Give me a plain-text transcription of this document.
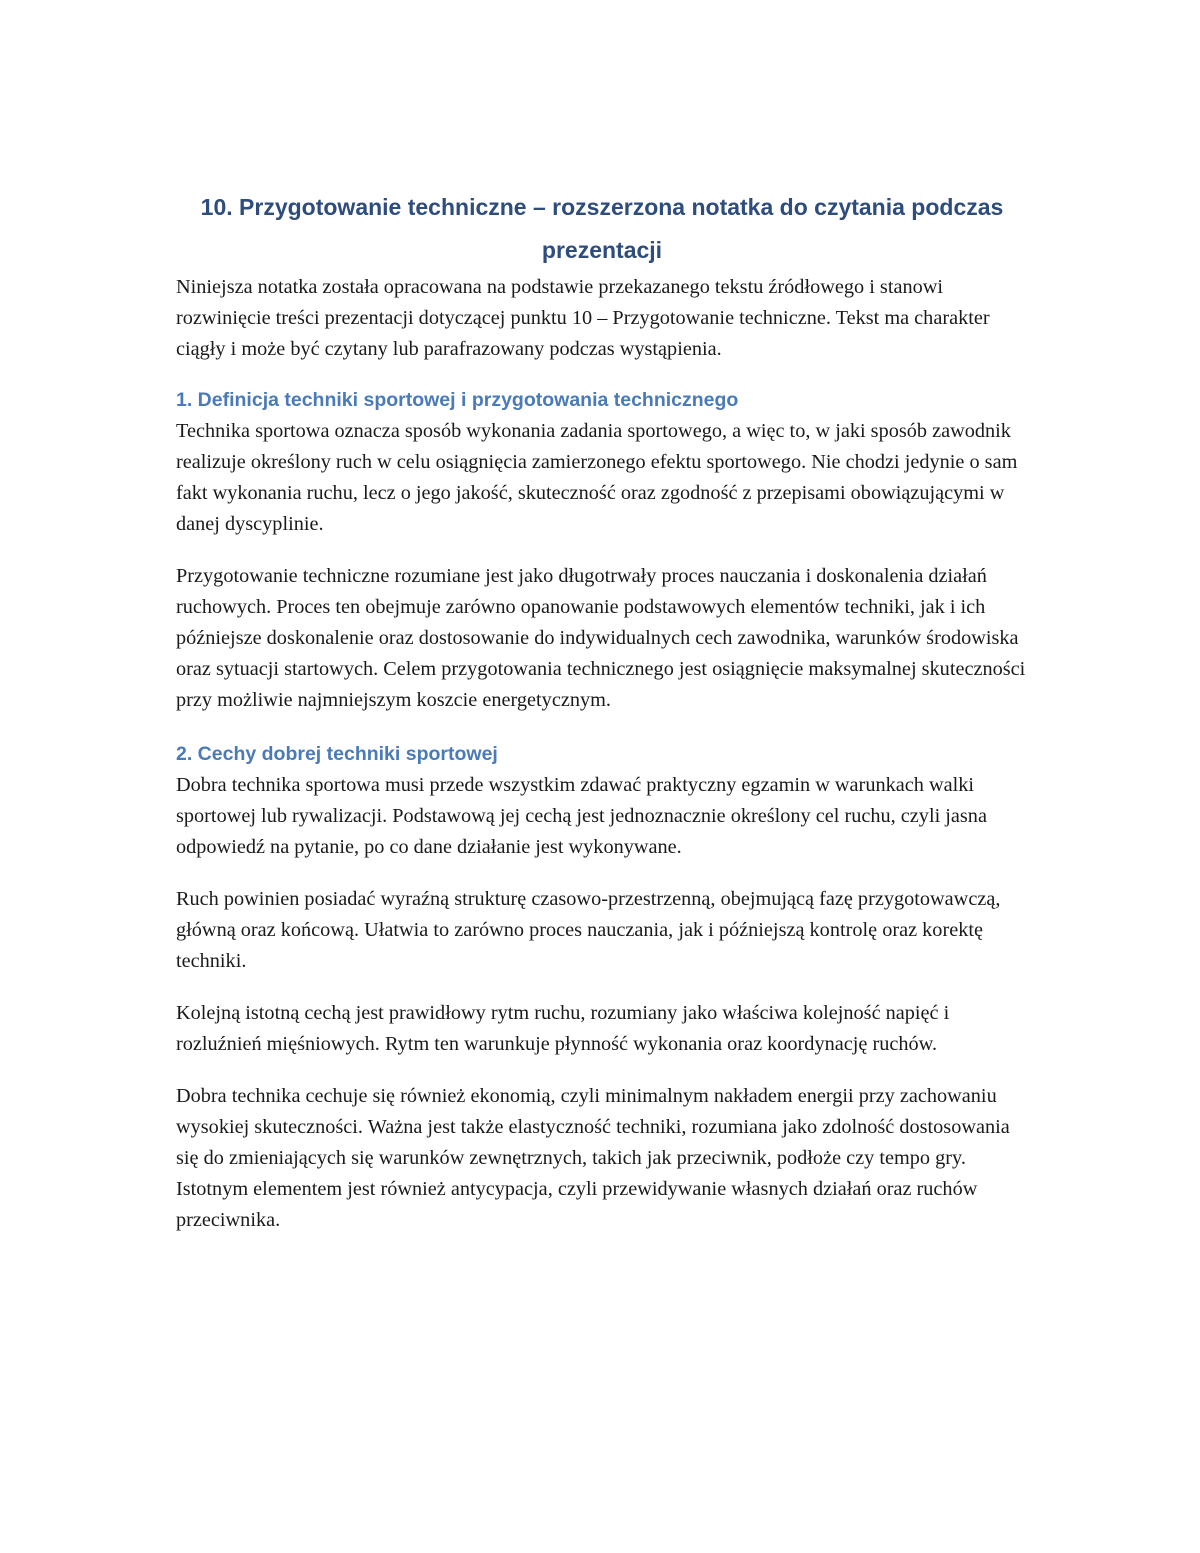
10. Przygotowanie techniczne – rozszerzona notatka do czytania podczas prezentacji

Niniejsza notatka została opracowana na podstawie przekazanego tekstu źródłowego i stanowi rozwinięcie treści prezentacji dotyczącej punktu 10 – Przygotowanie techniczne. Tekst ma charakter ciągły i może być czytany lub parafrazowany podczas wystąpienia.

1. Definicja techniki sportowej i przygotowania technicznego

Technika sportowa oznacza sposób wykonania zadania sportowego, a więc to, w jaki sposób zawodnik realizuje określony ruch w celu osiągnięcia zamierzonego efektu sportowego. Nie chodzi jedynie o sam fakt wykonania ruchu, lecz o jego jakość, skuteczność oraz zgodność z przepisami obowiązującymi w danej dyscyplinie.

Przygotowanie techniczne rozumiane jest jako długotrwały proces nauczania i doskonalenia działań ruchowych. Proces ten obejmuje zarówno opanowanie podstawowych elementów techniki, jak i ich późniejsze doskonalenie oraz dostosowanie do indywidualnych cech zawodnika, warunków środowiska oraz sytuacji startowych. Celem przygotowania technicznego jest osiągnięcie maksymalnej skuteczności przy możliwie najmniejszym koszcie energetycznym.

2. Cechy dobrej techniki sportowej

Dobra technika sportowa musi przede wszystkim zdawać praktyczny egzamin w warunkach walki sportowej lub rywalizacji. Podstawową jej cechą jest jednoznacznie określony cel ruchu, czyli jasna odpowiedź na pytanie, po co dane działanie jest wykonywane.

Ruch powinien posiadać wyraźną strukturę czasowo-przestrzenną, obejmującą fazę przygotowawczą, główną oraz końcową. Ułatwia to zarówno proces nauczania, jak i późniejszą kontrolę oraz korektę techniki.

Kolejną istotną cechą jest prawidłowy rytm ruchu, rozumiany jako właściwa kolejność napięć i rozluźnień mięśniowych. Rytm ten warunkuje płynność wykonania oraz koordynację ruchów.

Dobra technika cechuje się również ekonomią, czyli minimalnym nakładem energii przy zachowaniu wysokiej skuteczności. Ważna jest także elastyczność techniki, rozumiana jako zdolność dostosowania się do zmieniających się warunków zewnętrznych, takich jak przeciwnik, podłoże czy tempo gry. Istotnym elementem jest również antycypacja, czyli przewidywanie własnych działań oraz ruchów przeciwnika.
